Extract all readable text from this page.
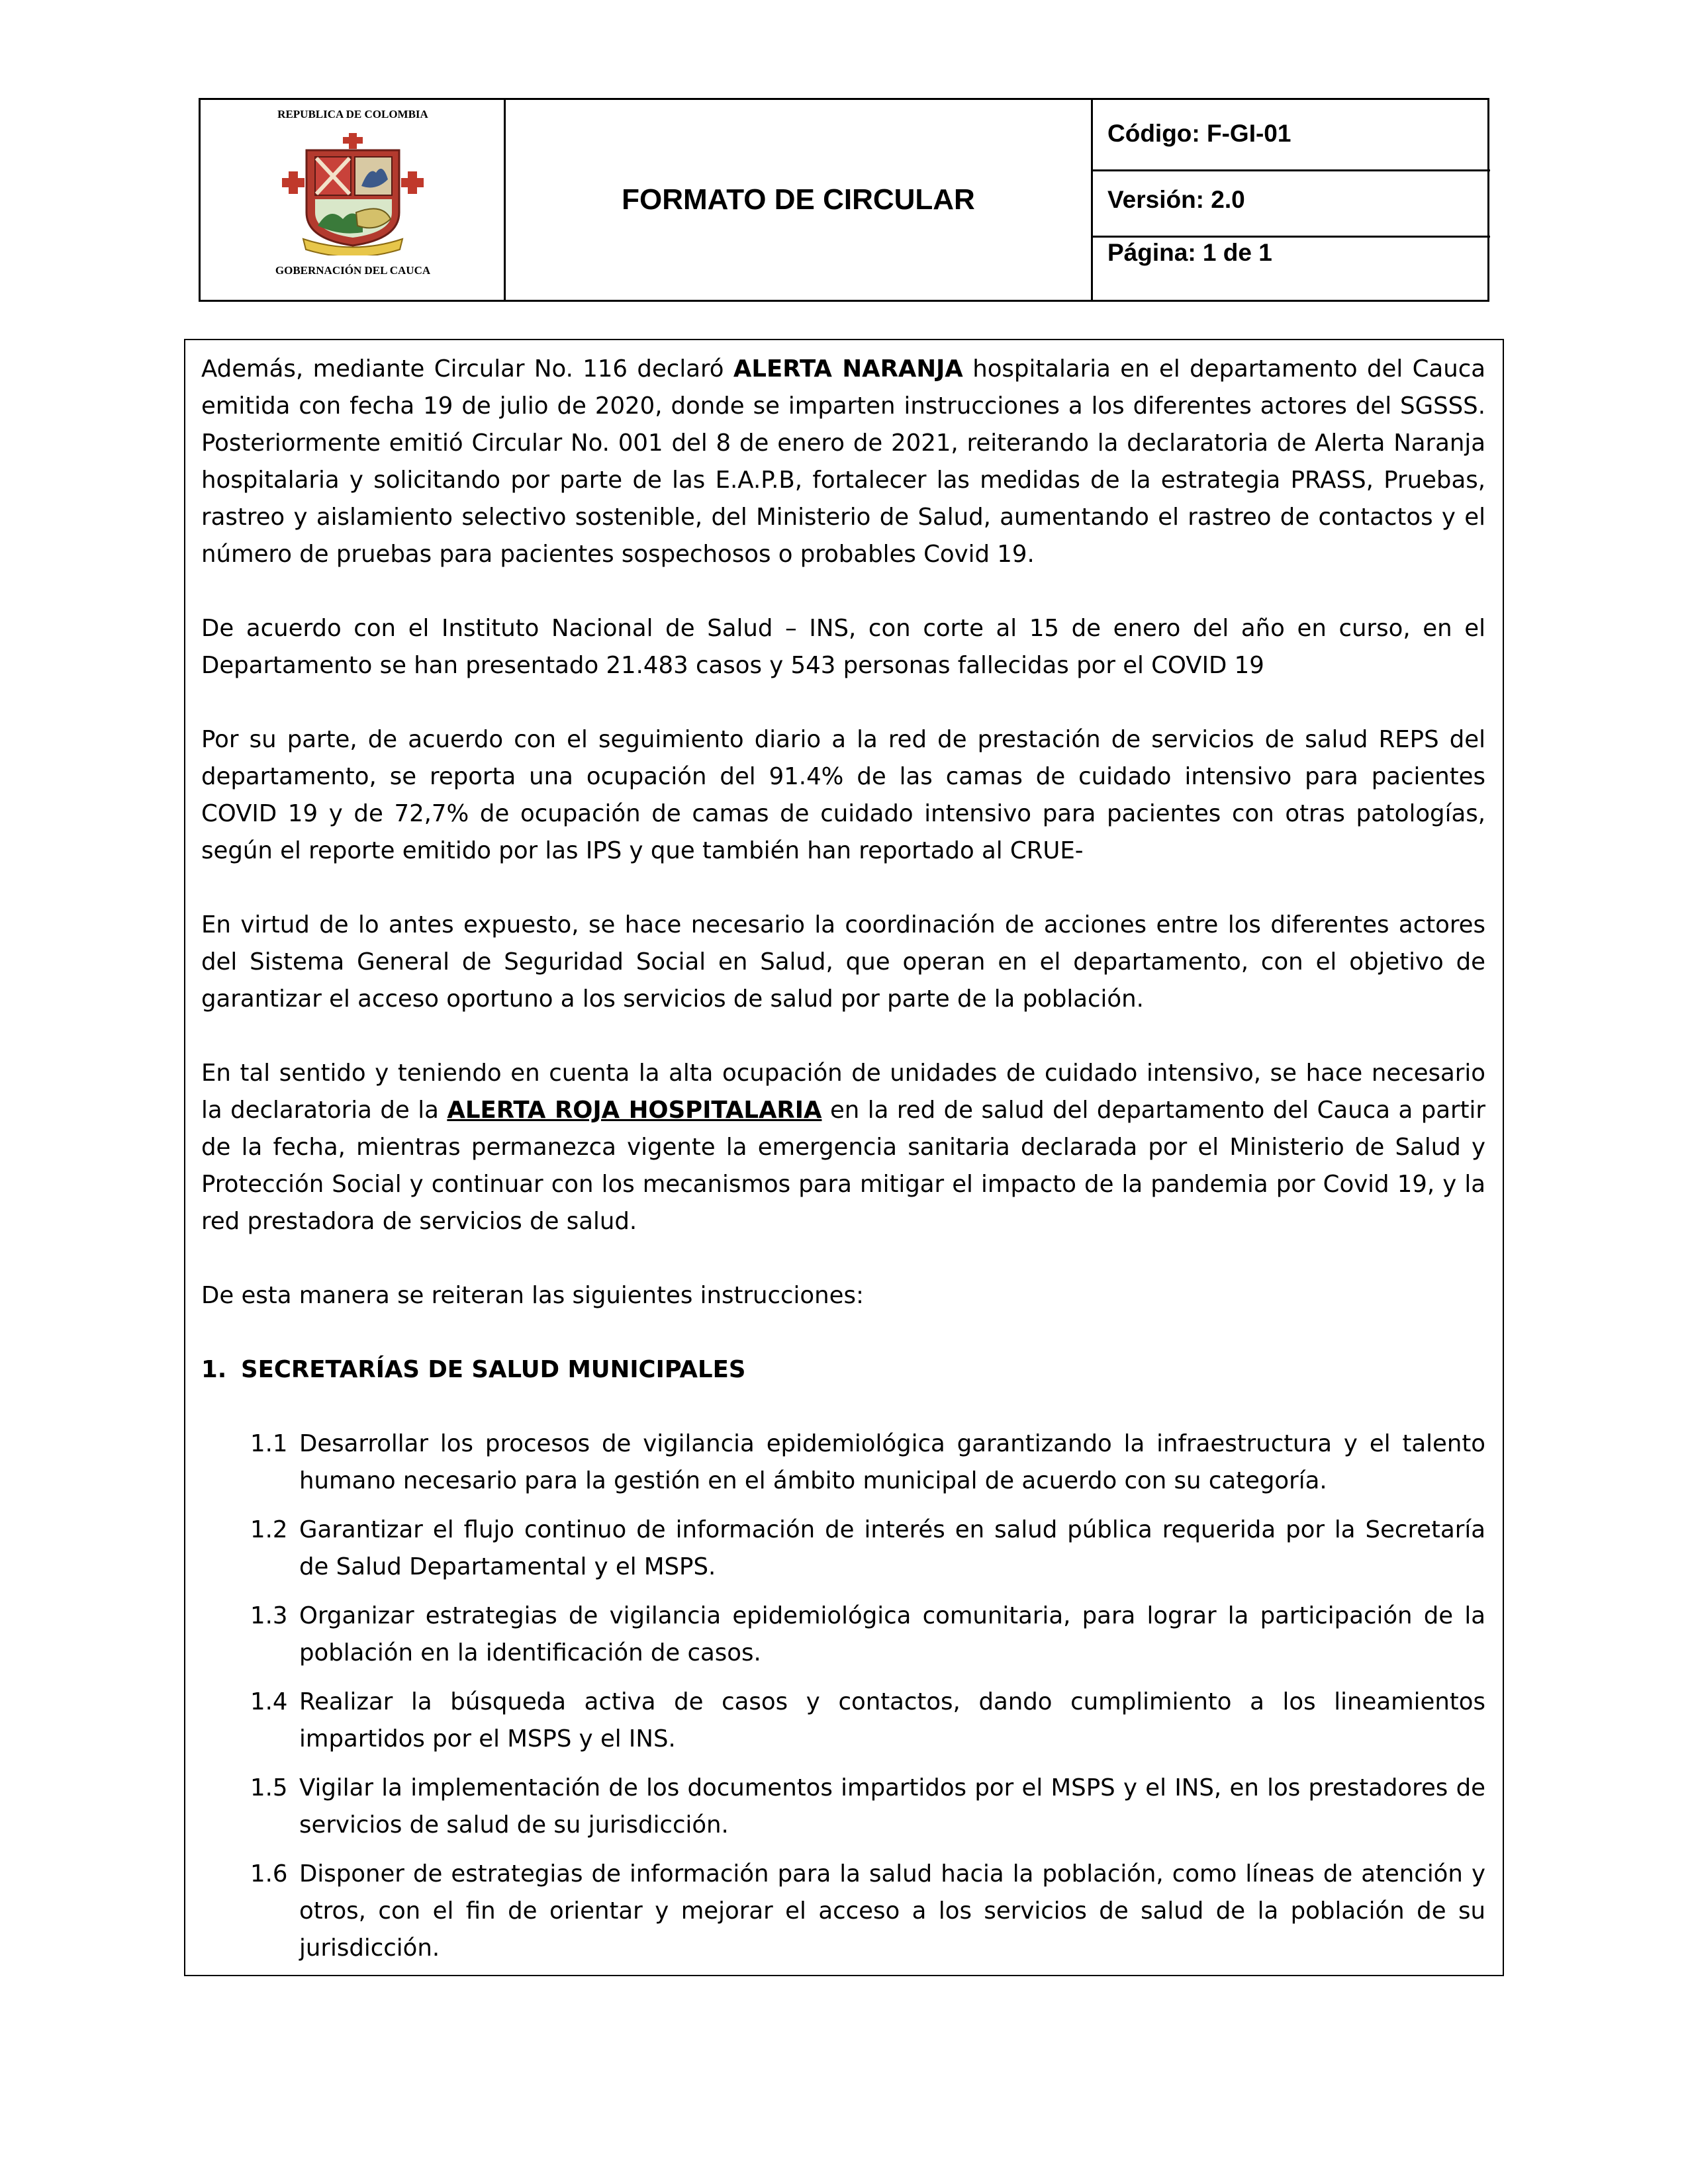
REPUBLICA DE COLOMBIA
GOBERNACIÓN DEL CAUCA
FORMATO DE CIRCULAR
Código: F-GI-01
Versión: 2.0
Página: 1 de 1

Además, mediante Circular No. 116 declaró ALERTA NARANJA hospitalaria en el departamento del Cauca emitida con fecha 19 de julio de 2020, donde se imparten instrucciones a los diferentes actores del SGSSS. Posteriormente emitió Circular No. 001 del 8 de enero de 2021, reiterando la declaratoria de Alerta Naranja hospitalaria y solicitando por parte de las E.A.P.B, fortalecer las medidas de la estrategia PRASS, Pruebas, rastreo y aislamiento selectivo sostenible, del Ministerio de Salud, aumentando el rastreo de contactos y el número de pruebas para pacientes sospechosos o probables Covid 19.

De acuerdo con el Instituto Nacional de Salud – INS, con corte al 15 de enero del año en curso, en el Departamento se han presentado 21.483 casos y 543 personas fallecidas por el COVID 19

Por su parte, de acuerdo con el seguimiento diario a la red de prestación de servicios de salud REPS del departamento, se reporta una ocupación del 91.4% de las camas de cuidado intensivo para pacientes COVID 19 y de 72,7% de ocupación de camas de cuidado intensivo para pacientes con otras patologías, según el reporte emitido por las IPS y que también han reportado al CRUE-

En virtud de lo antes expuesto, se hace necesario la coordinación de acciones entre los diferentes actores del Sistema General de Seguridad Social en Salud, que operan en el departamento, con el objetivo de garantizar el acceso oportuno a los servicios de salud por parte de la población.

En tal sentido y teniendo en cuenta la alta ocupación de unidades de cuidado intensivo, se hace necesario la declaratoria de la ALERTA ROJA HOSPITALARIA en la red de salud del departamento del Cauca a partir de la fecha, mientras permanezca vigente la emergencia sanitaria declarada por el Ministerio de Salud y Protección Social y continuar con los mecanismos para mitigar el impacto de la pandemia por Covid 19, y la red prestadora de servicios de salud.

De esta manera se reiteran las siguientes instrucciones:

1. SECRETARÍAS DE SALUD MUNICIPALES
1.1 Desarrollar los procesos de vigilancia epidemiológica garantizando la infraestructura y el talento humano necesario para la gestión en el ámbito municipal de acuerdo con su categoría.
1.2 Garantizar el flujo continuo de información de interés en salud pública requerida por la Secretaría de Salud Departamental y el MSPS.
1.3 Organizar estrategias de vigilancia epidemiológica comunitaria, para lograr la participación de la población en la identificación de casos.
1.4 Realizar la búsqueda activa de casos y contactos, dando cumplimiento a los lineamientos impartidos por el MSPS y el INS.
1.5 Vigilar la implementación de los documentos impartidos por el MSPS y el INS, en los prestadores de servicios de salud de su jurisdicción.
1.6 Disponer de estrategias de información para la salud hacia la población, como líneas de atención y otros, con el fin de orientar y mejorar el acceso a los servicios de salud de la población de su jurisdicción.
